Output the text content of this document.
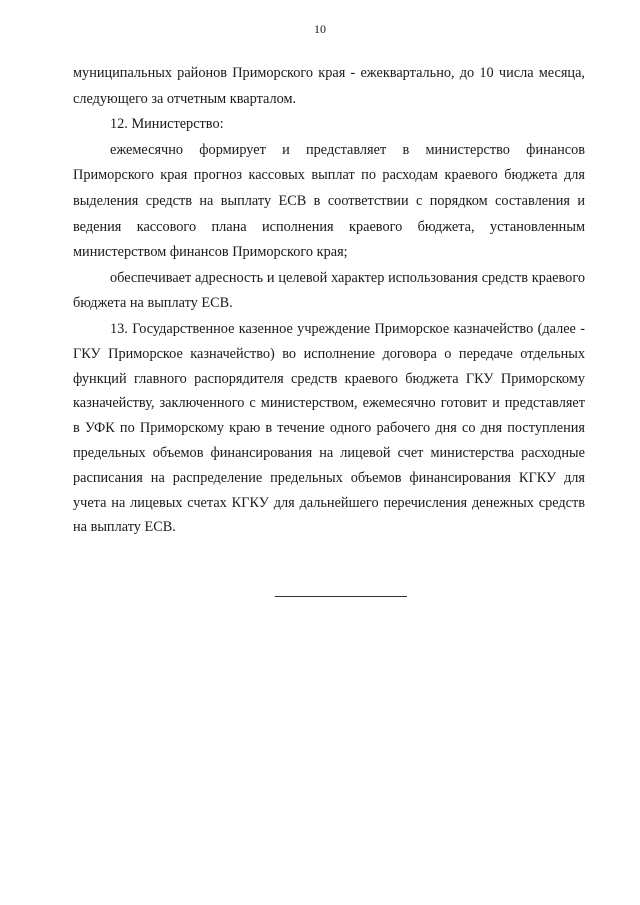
10

муниципальных районов Приморского края - ежеквартально, до 10 числа месяца, следующего за отчетным кварталом.

12. Министерство:

ежемесячно формирует и представляет в министерство финансов Приморского края прогноз кассовых выплат по расходам краевого бюджета для выделения средств на выплату ЕСВ в соответствии с порядком составления и ведения кассового плана исполнения краевого бюджета, установленным министерством финансов Приморского края;

обеспечивает адресность и целевой характер использования средств краевого бюджета на выплату ЕСВ.

13. Государственное казенное учреждение Приморское казначейство (далее - ГКУ Приморское казначейство) во исполнение договора о передаче отдельных функций главного распорядителя средств краевого бюджета ГКУ Приморскому казначейству, заключенного с министерством, ежемесячно готовит и представляет в УФК по Приморскому краю в течение одного рабочего дня со дня поступления предельных объемов финансирования на лицевой счет министерства расходные расписания на распределение предельных объемов финансирования КГКУ для учета на лицевых счетах КГКУ для дальнейшего перечисления денежных средств на выплату ЕСВ.
